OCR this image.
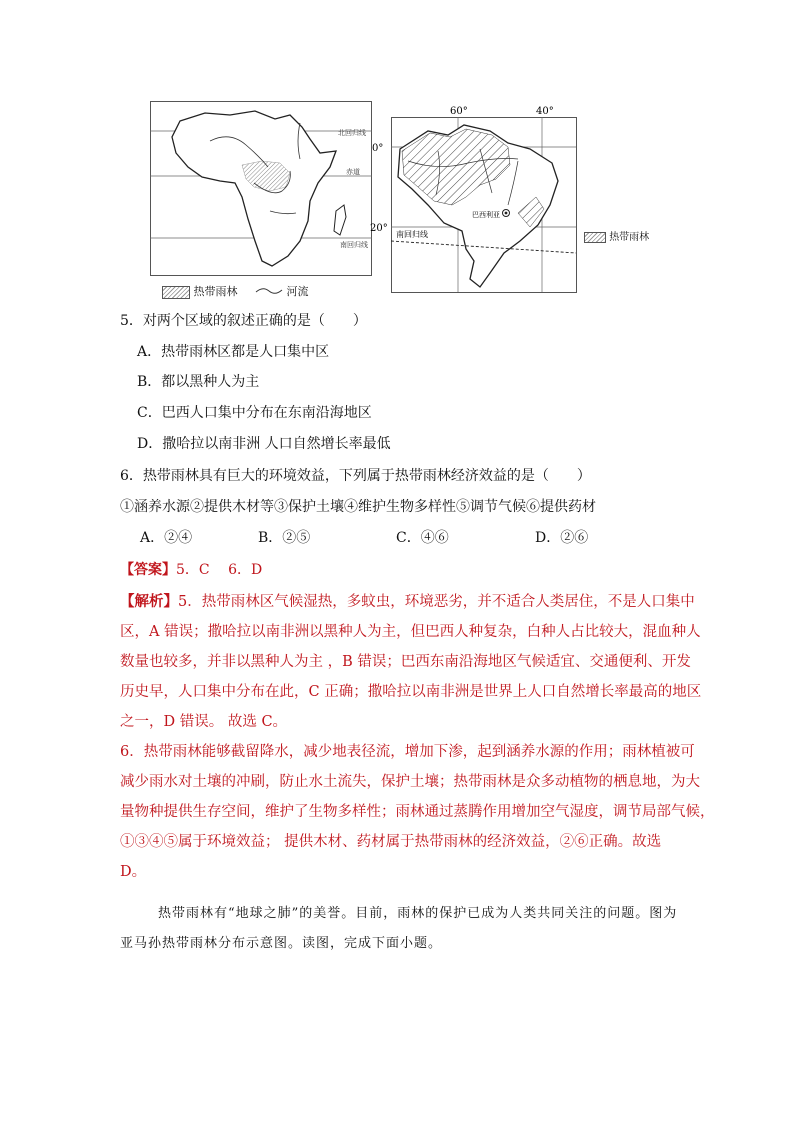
北回归线
赤道
南回归线
热带雨林	河流
60°	40°
0°
20°
南回归线
巴西利亚
热带雨林
5．对两个区域的叙述正确的是（　　）
A．热带雨林区都是人口集中区
B．都以黑种人为主
C．巴西人口集中分布在东南沿海地区
D．撒哈拉以南非洲 人口自然增长率最低
6．热带雨林具有巨大的环境效益，下列属于热带雨林经济效益的是（　　）
①涵养水源②提供木材等③保护土壤④维护生物多样性⑤调节气候⑥提供药材
A．②④	B．②⑤	C．④⑥	D．②⑥
【答案】5．C　 6．D
【解析】5．热带雨林区气候湿热，多蚊虫，环境恶劣，并不适合人类居住，不是人口集中
区，A 错误；撒哈拉以南非洲以黑种人为主，但巴西人种复杂，白种人占比较大，混血种人
数量也较多，并非以黑种人为主 ，B 错误；巴西东南沿海地区气候适宜、交通便利、开发
历史早，人口集中分布在此，C 正确；撒哈拉以南非洲是世界上人口自然增长率最高的地区
之一，D 错误。 故选 C。
6．热带雨林能够截留降水，减少地表径流，增加下渗，起到涵养水源的作用；雨林植被可
减少雨水对土壤的冲刷，防止水土流失，保护土壤；热带雨林是众多动植物的栖息地，为大
量物种提供生存空间，维护了生物多样性；雨林通过蒸腾作用增加空气湿度，调节局部气候，
①③④⑤属于环境效益； 提供木材、药材属于热带雨林的经济效益，②⑥正确。故选
D。
热带雨林有“地球之肺”的美誉。目前，雨林的保护已成为人类共同关注的问题。图为
亚马孙热带雨林分布示意图。读图，完成下面小题。
